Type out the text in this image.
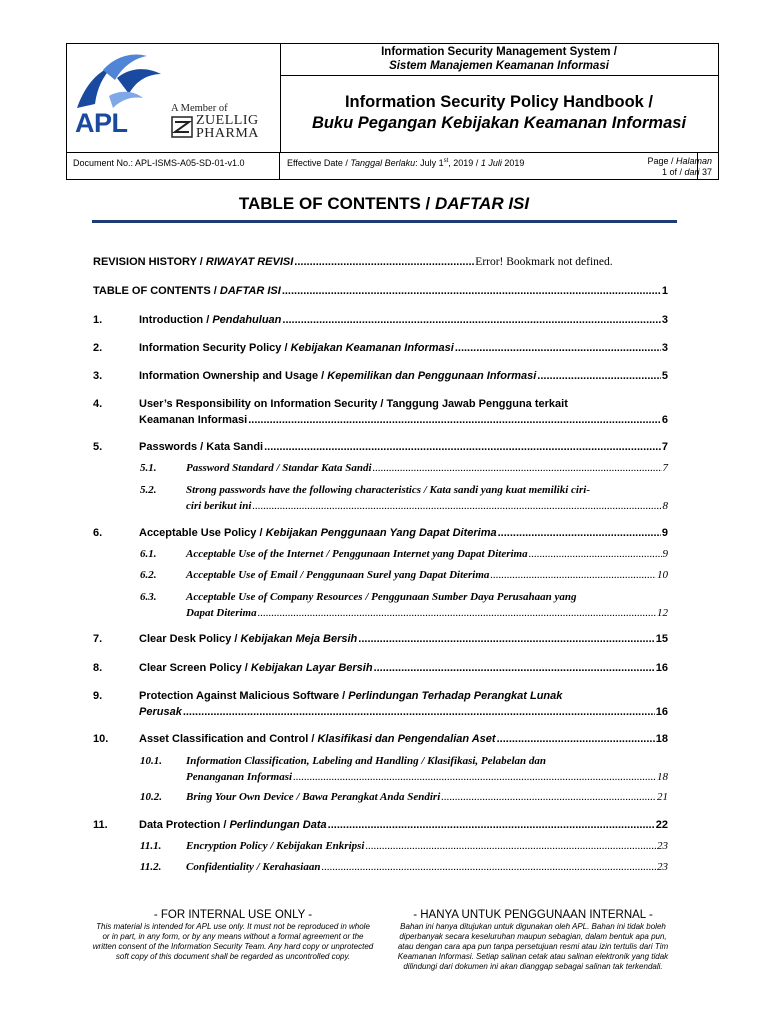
APL	A Member of
ZUELLIG
PHARMA
Information Security Management System /
Sistem Manajemen Keamanan Informasi
Information Security Policy Handbook /
Buku Pegangan Kebijakan Keamanan Informasi
Document No.: APL-ISMS-A05-SD-01-v1.0	Effective Date / Tanggal Berlaku: July 1st, 2019 / 1 Juli 2019	Page / Halaman
1 of / dari 37
TABLE OF CONTENTS / DAFTAR ISI
REVISION HISTORY / RIWAYAT REVISI .....	Error! Bookmark not defined.
TABLE OF CONTENTS / DAFTAR ISI .....	1
1.	Introduction / Pendahuluan .....	3
2.	Information Security Policy / Kebijakan Keamanan Informasi .....	3
3.	Information Ownership and Usage / Kepemilikan dan Penggunaan Informasi .....	5
4.	User’s Responsibility on Information Security / Tanggung Jawab Pengguna terkait
Keamanan Informasi .....	6
5.	Passwords / Kata Sandi .....	7
5.1.	Password Standard / Standar Kata Sandi .....	7
5.2.	Strong passwords have the following characteristics / Kata sandi yang kuat memiliki ciri-
ciri berikut ini .....	8
6.	Acceptable Use Policy / Kebijakan Penggunaan Yang Dapat Diterima .....	9
6.1.	Acceptable Use of the Internet / Penggunaan Internet yang Dapat Diterima .....	9
6.2.	Acceptable Use of Email / Penggunaan Surel yang Dapat Diterima .....	10
6.3.	Acceptable Use of Company Resources / Penggunaan Sumber Daya Perusahaan yang
Dapat Diterima .....	12
7.	Clear Desk Policy / Kebijakan Meja Bersih .....	15
8.	Clear Screen Policy / Kebijakan Layar Bersih .....	16
9.	Protection Against Malicious Software / Perlindungan Terhadap Perangkat Lunak
Perusak .....	16
10.	Asset Classification and Control / Klasifikasi dan Pengendalian Aset .....	18
10.1. Information Classification, Labeling and Handling / Klasifikasi, Pelabelan dan
Penanganan Informasi .....	18
10.2. Bring Your Own Device / Bawa Perangkat Anda Sendiri .....	21
11.	Data Protection / Perlindungan Data .....	22
11.1. Encryption Policy / Kebijakan Enkripsi .....	23
11.2. Confidentiality / Kerahasiaan .....	23
- FOR INTERNAL USE ONLY -
This material is intended for APL use only. It must not be reproduced in whole or in part, in any form, or by any means without a formal agreement or the written consent of the Information Security Team. Any hard copy or unprotected soft copy of this document shall be regarded as uncontrolled copy.
- HANYA UNTUK PENGGUNAAN INTERNAL -
Bahan ini hanya ditujukan untuk digunakan oleh APL. Bahan ini tidak boleh diperbanyak secara keseluruhan maupun sebagian, dalam bentuk apa pun, atau dengan cara apa pun tanpa persetujuan resmi atau izin tertulis dari Tim Keamanan Informasi. Setiap salinan cetak atau salinan elektronik yang tidak dilindungi dari dokumen ini akan dianggap sebagai salinan tak terkendali.
